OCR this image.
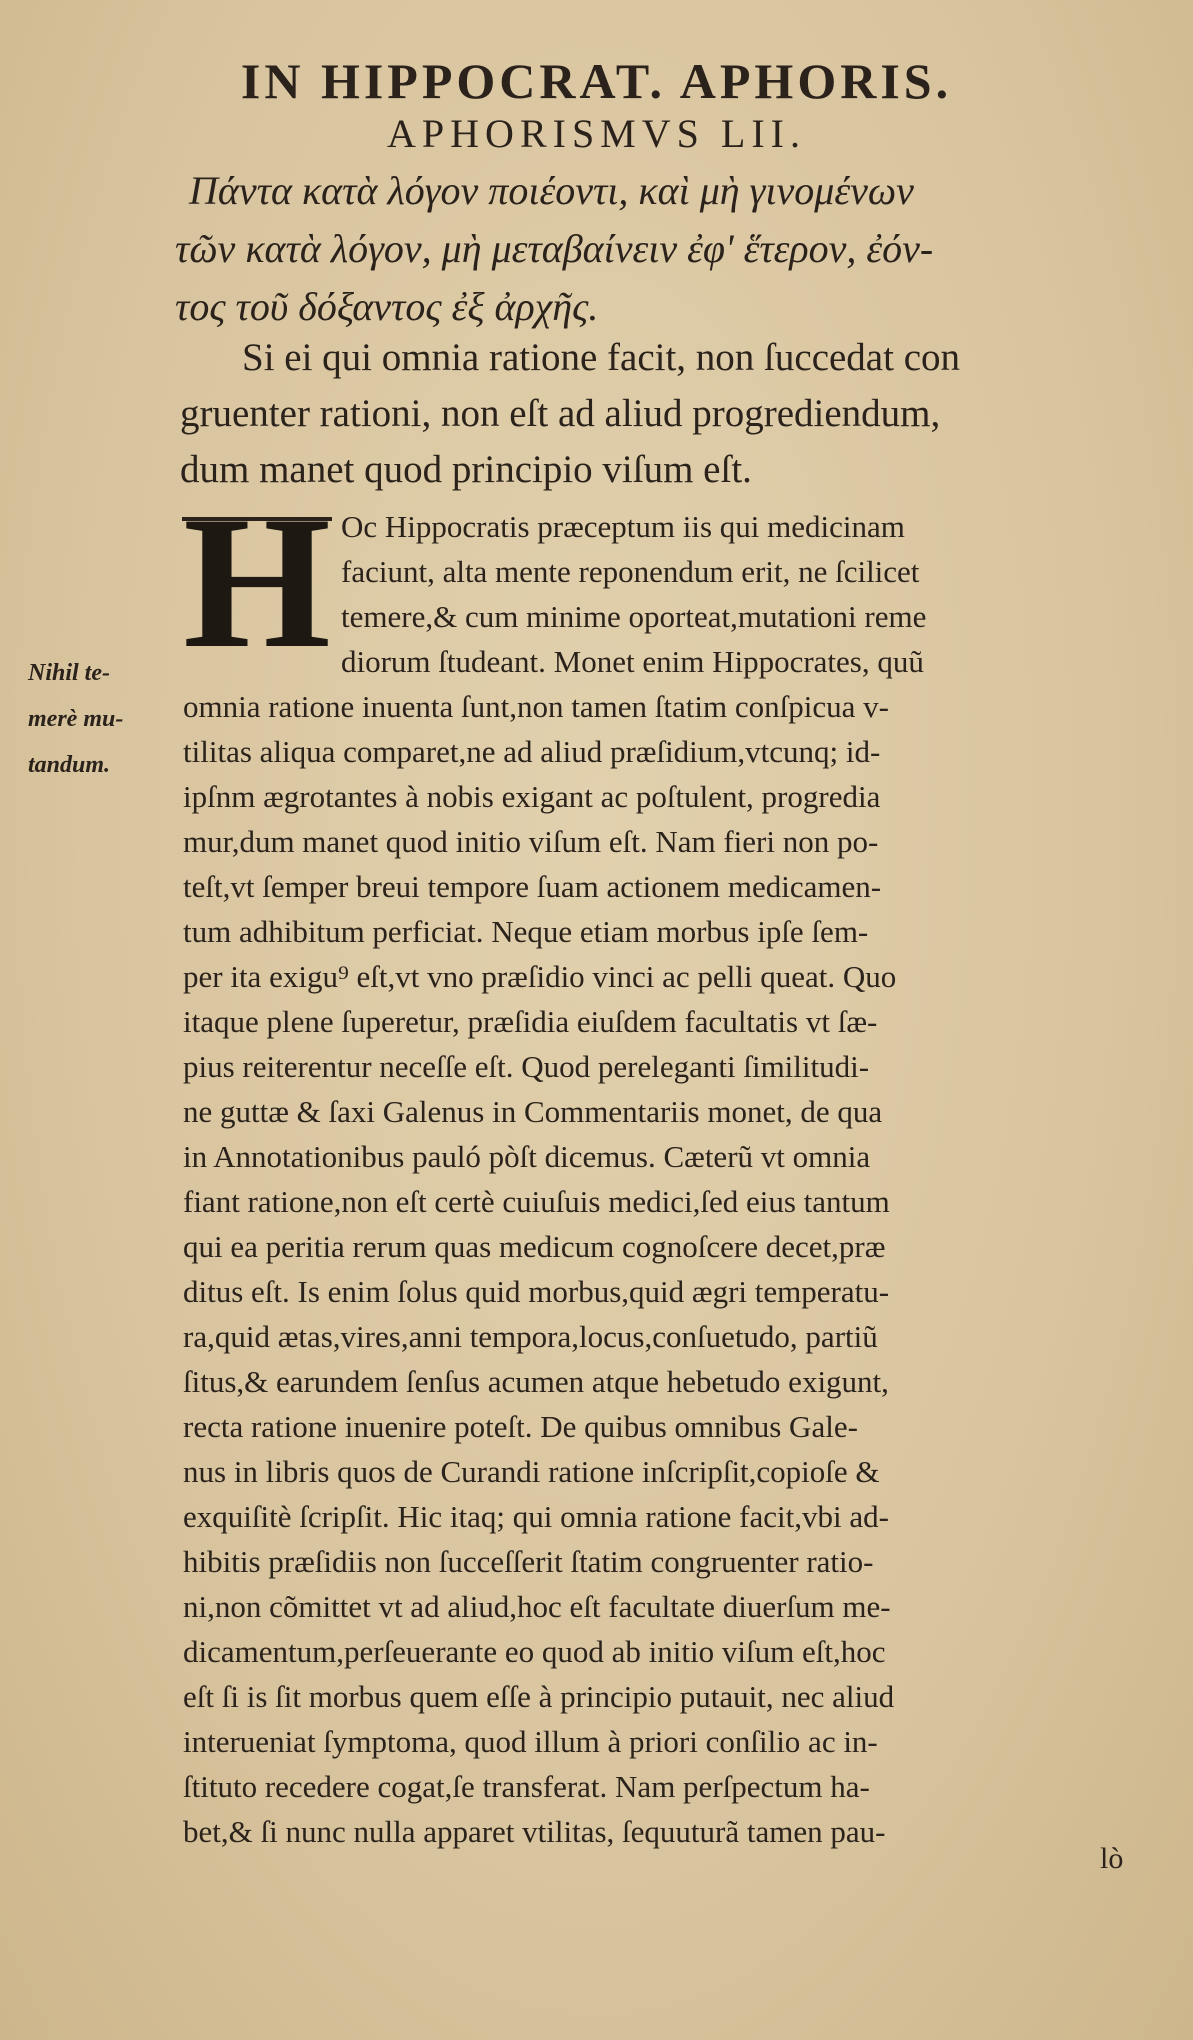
IN HIPPOCRAT. APHORIS.
APHORISMVS LII.
Πάντα κατὰ λόγον ποιέοντι, καὶ μὴ γινομένων
τῶν κατὰ λόγον, μὴ μεταβαίνειν ἐφ' ἕτερον, ἐόν-
τος τοῦ δόξαντος ἐξ ἀρχῆς.
Si ei qui omnia ratione facit, non ſuccedat con
gruenter rationi, non eſt ad aliud progrediendum,
dum manet quod principio viſum eſt.
H
Nihil te-
merè mu-
tandum.
Oc Hippocratis præceptum iis qui medicinam
faciunt, alta mente reponendum erit, ne ſcilicet
temere,& cum minime oporteat,mutationi reme
diorum ſtudeant. Monet enim Hippocrates, quũ
omnia ratione inuenta ſunt,non tamen ſtatim conſpicua v-
tilitas aliqua comparet,ne ad aliud præſidium,vtcunq; id-
ipſnm ægrotantes à nobis exigant ac poſtulent, progredia
mur,dum manet quod initio viſum eſt. Nam fieri non po-
teſt,vt ſemper breui tempore ſuam actionem medicamen-
tum adhibitum perficiat. Neque etiam morbus ipſe ſem-
per ita exigu⁹ eſt,vt vno præſidio vinci ac pelli queat. Quo
itaque plene ſuperetur, præſidia eiuſdem facultatis vt ſæ-
pius reiterentur neceſſe eſt. Quod pereleganti ſimilitudi-
ne guttæ & ſaxi Galenus in Commentariis monet, de qua
in Annotationibus pauló pòſt dicemus. Cæterũ vt omnia
fiant ratione,non eſt certè cuiuſuis medici,ſed eius tantum
qui ea peritia rerum quas medicum cognoſcere decet,præ
ditus eſt. Is enim ſolus quid morbus,quid ægri temperatu-
ra,quid ætas,vires,anni tempora,locus,conſuetudo, partiũ
ſitus,& earundem ſenſus acumen atque hebetudo exigunt,
recta ratione inuenire poteſt. De quibus omnibus Gale-
nus in libris quos de Curandi ratione inſcripſit,copioſe &
exquiſitè ſcripſit. Hic itaq; qui omnia ratione facit,vbi ad-
hibitis præſidiis non ſucceſſerit ſtatim congruenter ratio-
ni,non cõmittet vt ad aliud,hoc eſt facultate diuerſum me-
dicamentum,perſeuerante eo quod ab initio viſum eſt,hoc
eſt ſi is ſit morbus quem eſſe à principio putauit, nec aliud
interueniat ſymptoma, quod illum à priori conſilio ac in-
ſtituto recedere cogat,ſe transferat. Nam perſpectum ha-
bet,& ſi nunc nulla apparet vtilitas, ſequuturã tamen pau-
lò
